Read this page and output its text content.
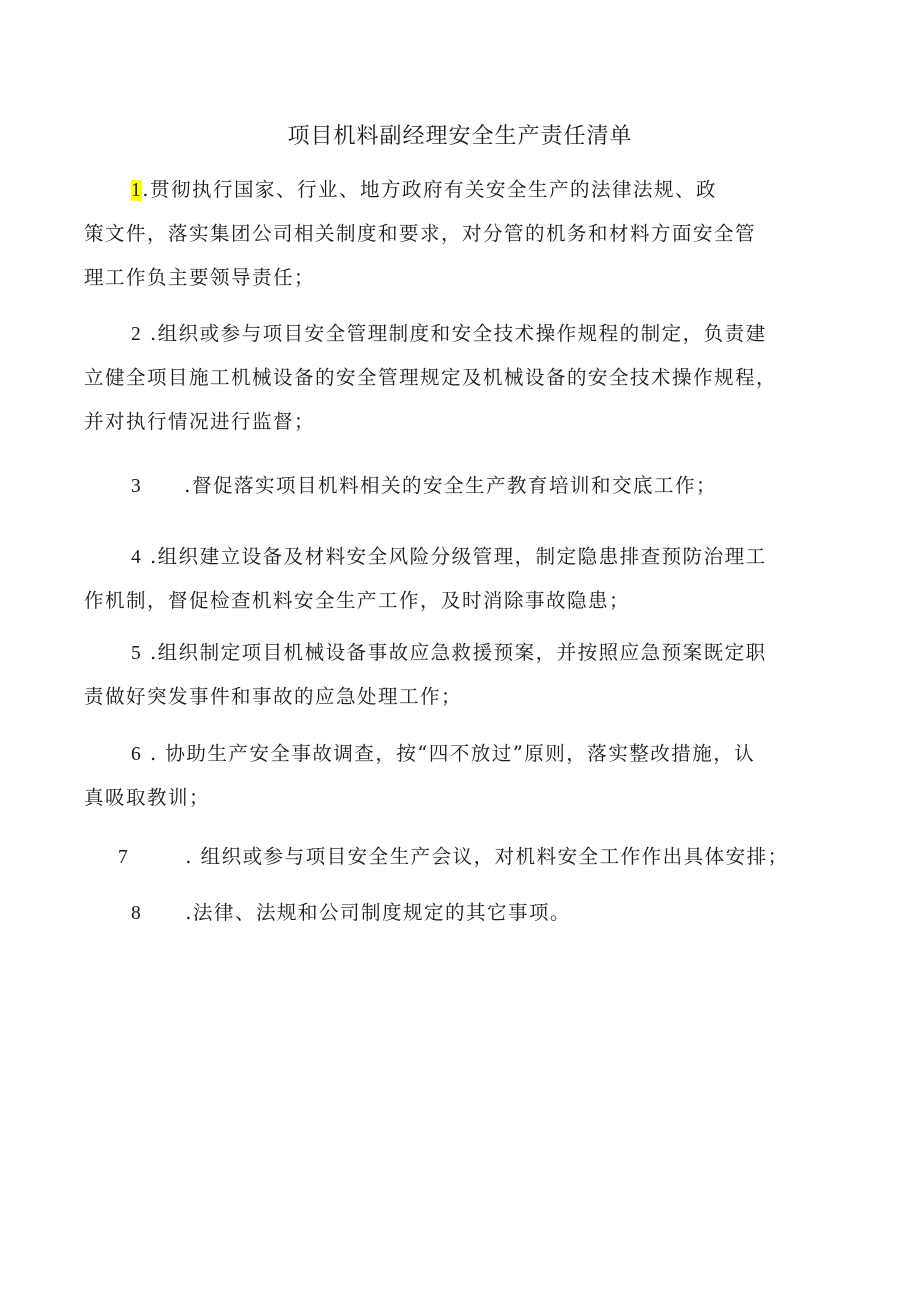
项目机料副经理安全生产责任清单
1.贯彻执行国家、行业、地方政府有关安全生产的法律法规、政
策文件，落实集团公司相关制度和要求，对分管的机务和材料方面安全管
理工作负主要领导责任；
2 .组织或参与项目安全管理制度和安全技术操作规程的制定，负责建
立健全项目施工机械设备的安全管理规定及机械设备的安全技术操作规程，
并对执行情况进行监督；
3 .督促落实项目机料相关的安全生产教育培训和交底工作；
4 .组织建立设备及材料安全风险分级管理，制定隐患排查预防治理工
作机制，督促检查机料安全生产工作，及时消除事故隐患；
5 .组织制定项目机械设备事故应急救援预案，并按照应急预案既定职
责做好突发事件和事故的应急处理工作；
6 . 协助生产安全事故调查，按“四不放过”原则，落实整改措施，认
真吸取教训；
7	. 组织或参与项目安全生产会议，对机料安全工作作出具体安排；
8 .法律、法规和公司制度规定的其它事项。
